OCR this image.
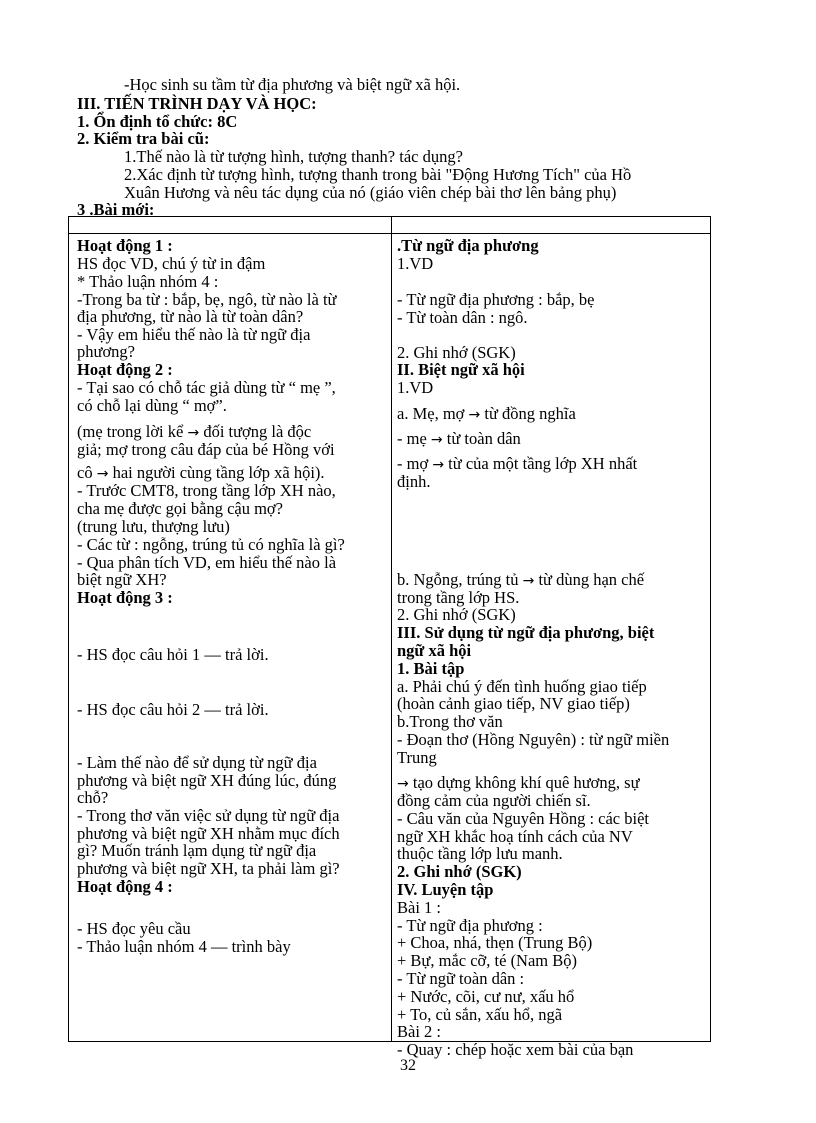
-Học sinh su tầm từ địa phương và biệt ngữ xã hội.
III. TIẾN TRÌNH DẠY VÀ HỌC:
1. Ổn định tổ chức: 8C
2. Kiểm tra bài cũ:
1.Thế nào là từ tượng hình, tượng thanh? tác dụng?
2.Xác định từ tượng hình, tượng thanh trong bài "Động Hương Tích" của Hồ
Xuân Hương và nêu tác dụng của nó (giáo viên chép bài thơ lên bảng phụ)
3 .Bài mới:
Hoạt động 1 :
HS đọc VD, chú ý từ in đậm
* Thảo luận nhóm 4 :
-Trong ba từ : bắp, bẹ, ngô, từ nào là từ
địa phương, từ nào là từ toàn dân?
- Vậy em hiểu thế nào là từ ngữ địa
phương?
Hoạt động 2 :
- Tại sao có chỗ tác giả dùng từ “ mẹ ”,
có chỗ lại dùng “ mợ”.
(mẹ trong lời kể → đối tượng là độc
giả; mợ trong câu đáp của bé Hồng với
cô → hai người cùng tầng lớp xã hội).
- Trước CMT8, trong tầng lớp XH nào,
cha mẹ được gọi bằng cậu mợ?
(trung lưu, thượng lưu)
- Các từ : ngỗng, trúng tủ có nghĩa là gì?
- Qua phân tích VD, em hiểu thế nào là
biệt ngữ XH?
Hoạt động 3 :
- HS đọc câu hỏi 1 — trả lời.
- HS đọc câu hỏi 2 — trả lời.
- Làm thế nào để sử dụng từ ngữ địa
phương và biệt ngữ XH đúng lúc, đúng
chỗ?
- Trong thơ văn việc sử dụng từ ngữ địa
phương và biệt ngữ XH nhằm mục đích
gì? Muốn tránh lạm dụng từ ngữ địa
phương và biệt ngữ XH, ta phải làm gì?
Hoạt động 4 :
- HS đọc yêu cầu
- Thảo luận nhóm 4 — trình bày
.Từ ngữ địa phương
1.VD
- Từ ngữ địa phương : bắp, bẹ
- Từ toàn dân : ngô.
2. Ghi nhớ (SGK)
II. Biệt ngữ xã hội
1.VD
a. Mẹ, mợ → từ đồng nghĩa
- mẹ → từ toàn dân
- mợ → từ của một tầng lớp XH nhất
định.
b. Ngỗng, trúng tủ → từ dùng hạn chế
trong tầng lớp HS.
2. Ghi nhớ (SGK)
III. Sử dụng từ ngữ địa phương, biệt
ngữ xã hội
1. Bài tập
a. Phải chú ý đến tình huống giao tiếp
(hoàn cảnh giao tiếp, NV giao tiếp)
b.Trong thơ văn
- Đoạn thơ (Hồng Nguyên) : từ ngữ miền
Trung
→ tạo dựng không khí quê hương, sự
đồng cảm của người chiến sĩ.
- Câu văn của Nguyên Hồng : các biệt
ngữ XH khắc hoạ tính cách của NV
thuộc tầng lớp lưu manh.
2. Ghi nhớ (SGK)
IV. Luyện tập
Bài 1 :
- Từ ngữ địa phương :
+ Choa, nhá, thẹn (Trung Bộ)
+ Bự, mắc cỡ, té (Nam Bộ)
- Từ ngữ toàn dân :
+ Nước, cõi, cư nư, xấu hổ
+ To, củ sắn, xấu hổ, ngã
Bài 2 :
- Quay : chép hoặc xem bài của bạn
32
